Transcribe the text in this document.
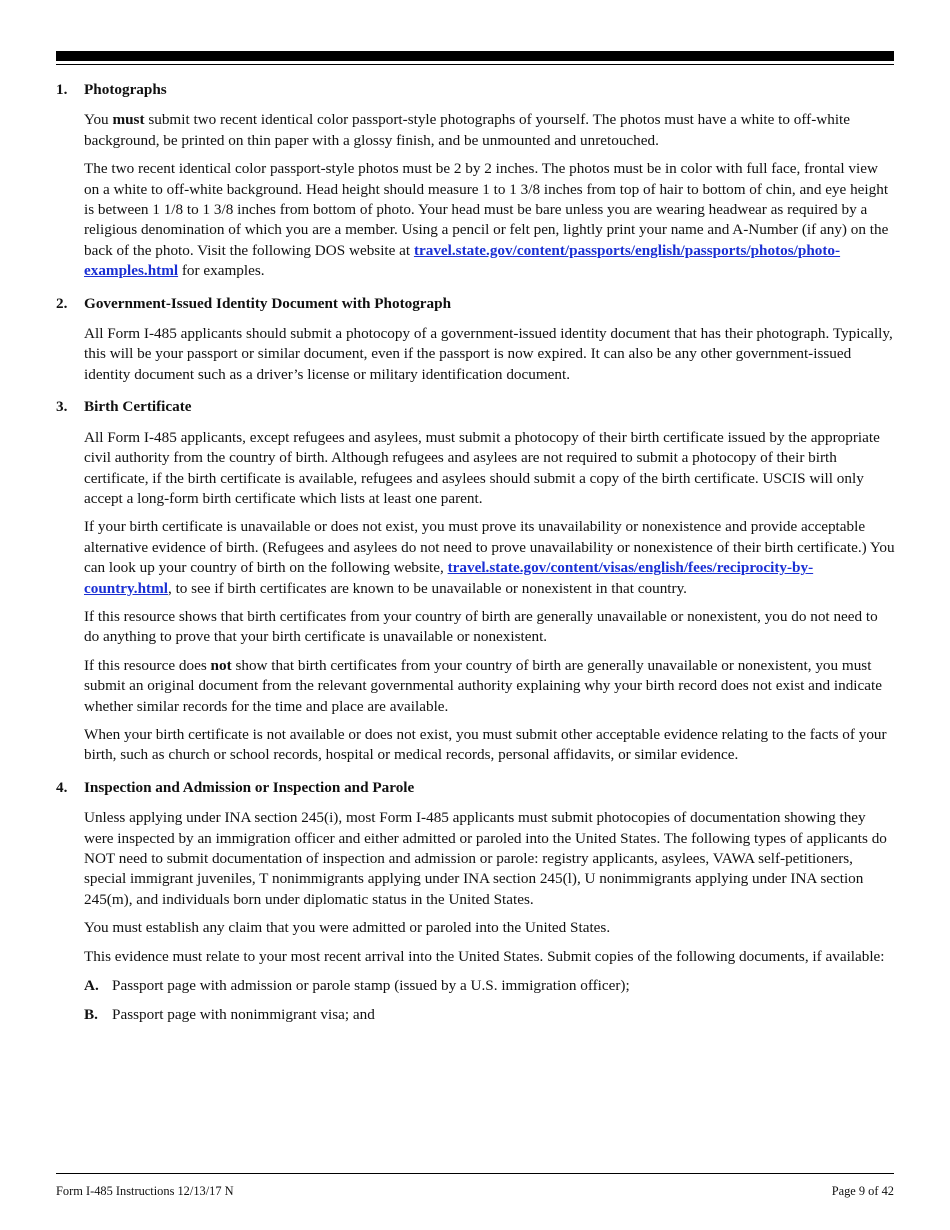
1. Photographs
You must submit two recent identical color passport-style photographs of yourself. The photos must have a white to off-white background, be printed on thin paper with a glossy finish, and be unmounted and unretouched.
The two recent identical color passport-style photos must be 2 by 2 inches. The photos must be in color with full face, frontal view on a white to off-white background. Head height should measure 1 to 1 3/8 inches from top of hair to bottom of chin, and eye height is between 1 1/8 to 1 3/8 inches from bottom of photo. Your head must be bare unless you are wearing headwear as required by a religious denomination of which you are a member. Using a pencil or felt pen, lightly print your name and A-Number (if any) on the back of the photo. Visit the following DOS website at travel.state.gov/content/passports/english/passports/photos/photo-examples.html for examples.
2. Government-Issued Identity Document with Photograph
All Form I-485 applicants should submit a photocopy of a government-issued identity document that has their photograph. Typically, this will be your passport or similar document, even if the passport is now expired. It can also be any other government-issued identity document such as a driver’s license or military identification document.
3. Birth Certificate
All Form I-485 applicants, except refugees and asylees, must submit a photocopy of their birth certificate issued by the appropriate civil authority from the country of birth. Although refugees and asylees are not required to submit a photocopy of their birth certificate, if the birth certificate is available, refugees and asylees should submit a copy of the birth certificate. USCIS will only accept a long-form birth certificate which lists at least one parent.
If your birth certificate is unavailable or does not exist, you must prove its unavailability or nonexistence and provide acceptable alternative evidence of birth. (Refugees and asylees do not need to prove unavailability or nonexistence of their birth certificate.) You can look up your country of birth on the following website, travel.state.gov/content/visas/english/fees/reciprocity-by-country.html, to see if birth certificates are known to be unavailable or nonexistent in that country.
If this resource shows that birth certificates from your country of birth are generally unavailable or nonexistent, you do not need to do anything to prove that your birth certificate is unavailable or nonexistent.
If this resource does not show that birth certificates from your country of birth are generally unavailable or nonexistent, you must submit an original document from the relevant governmental authority explaining why your birth record does not exist and indicate whether similar records for the time and place are available.
When your birth certificate is not available or does not exist, you must submit other acceptable evidence relating to the facts of your birth, such as church or school records, hospital or medical records, personal affidavits, or similar evidence.
4. Inspection and Admission or Inspection and Parole
Unless applying under INA section 245(i), most Form I-485 applicants must submit photocopies of documentation showing they were inspected by an immigration officer and either admitted or paroled into the United States. The following types of applicants do NOT need to submit documentation of inspection and admission or parole: registry applicants, asylees, VAWA self-petitioners, special immigrant juveniles, T nonimmigrants applying under INA section 245(l), U nonimmigrants applying under INA section 245(m), and individuals born under diplomatic status in the United States.
You must establish any claim that you were admitted or paroled into the United States.
This evidence must relate to your most recent arrival into the United States. Submit copies of the following documents, if available:
A. Passport page with admission or parole stamp (issued by a U.S. immigration officer);
B. Passport page with nonimmigrant visa; and
Form I-485 Instructions 12/13/17 N	Page 9 of 42
